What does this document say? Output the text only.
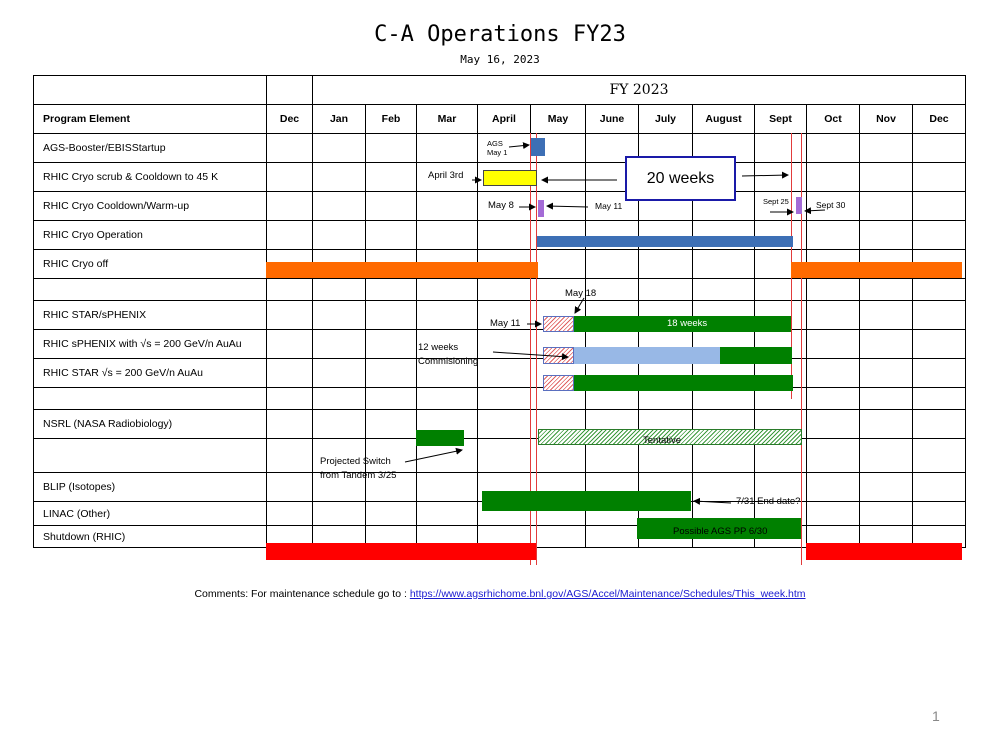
C-A Operations FY23
May 16, 2023
		FY 2023											
Program Element	Dec	Jan	Feb	Mar	April	May	June	July	August	Sept	Oct	Nov	Dec
AGS-Booster/EBISStartup													
RHIC Cryo scrub & Cooldown to 45 K													
RHIC Cryo Cooldown/Warm-up													
RHIC Cryo Operation													
RHIC Cryo off													

RHIC STAR/sPHENIX													
RHIC sPHENIX with √s = 200 GeV/n AuAu													
RHIC STAR √s = 200 GeV/n AuAu													

NSRL (NASA Radiobiology)													

BLIP (Isotopes)													
LINAC (Other)													
Shutdown (RHIC)													
20 weeks
AGS May 1
April 3rd
May 8	May 11	Sept 25	Sept 30
May 18
May 11	18 weeks
12 weeks
Commisioning
Tentative
Projected Switch
from Tandem 3/25
7/31 End date?
Possible AGS PP 6/30
Comments: For maintenance schedule go to : https://www.agsrhichome.bnl.gov/AGS/Accel/Maintenance/Schedules/This_week.htm
1
